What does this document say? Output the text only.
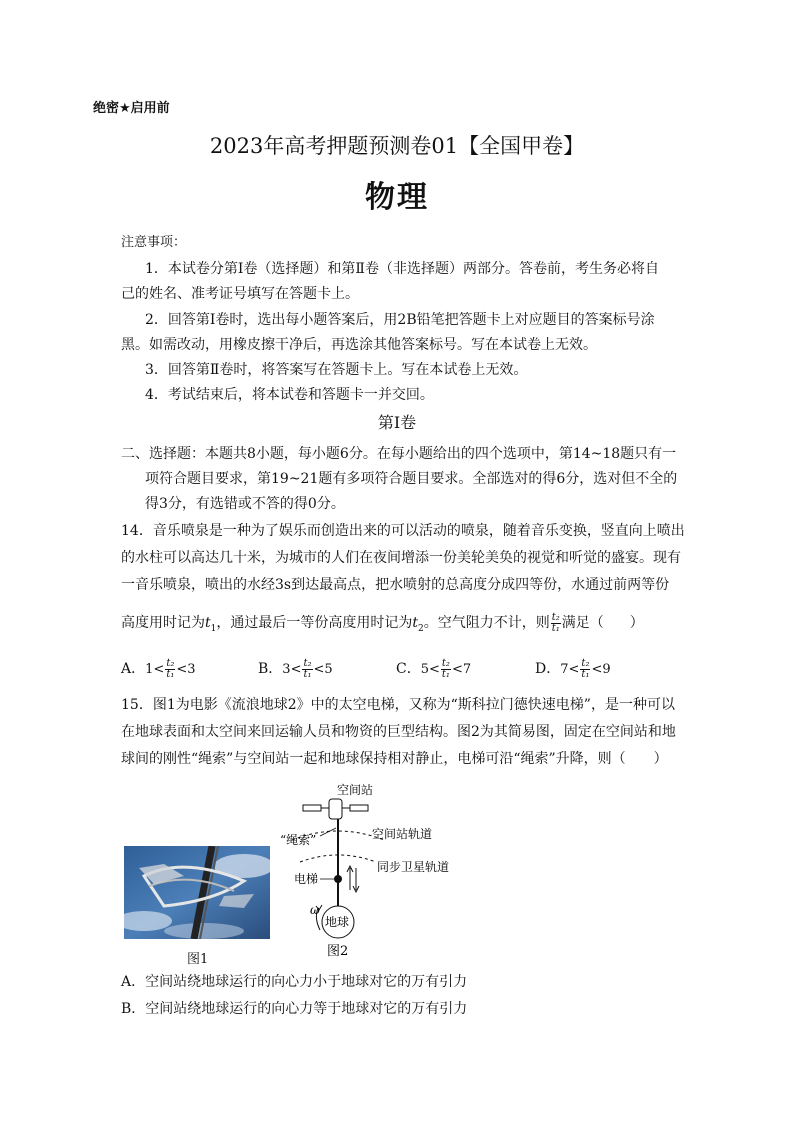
绝密★启用前
2023年高考押题预测卷01【全国甲卷】
物理
注意事项：
1．本试卷分第Ⅰ卷（选择题）和第Ⅱ卷（非选择题）两部分。答卷前，考生务必将自
己的姓名、准考证号填写在答题卡上。
2．回答第Ⅰ卷时，选出每小题答案后，用2B铅笔把答题卡上对应题目的答案标号涂
黑。如需改动，用橡皮擦干净后，再选涂其他答案标号。写在本试卷上无效。
3．回答第Ⅱ卷时，将答案写在答题卡上。写在本试卷上无效。
4．考试结束后，将本试卷和答题卡一并交回。
第Ⅰ卷
二、选择题：本题共8小题，每小题6分。在每小题给出的四个选项中，第14~18题只有一
项符合题目要求，第19~21题有多项符合题目要求。全部选对的得6分，选对但不全的
得3分，有选错或不答的得0分。
14．音乐喷泉是一种为了娱乐而创造出来的可以活动的喷泉，随着音乐变换，竖直向上喷出
的水柱可以高达几十米，为城市的人们在夜间增添一份美轮美奂的视觉和听觉的盛宴。现有
一音乐喷泉，喷出的水经3s到达最高点，把水喷射的总高度分成四等份，水通过前两等份
高度用时记为$t_1$，通过最后一等份高度用时记为$t_2$。空气阻力不计，则 $\frac{\text{t₂}}{\text{t₁}}$ 满足（ ）
A．$1< \frac{\text{t₂}}{\text{t₁}} <3$	B．$3< \frac{\text{t₂}}{\text{t₁}} <5$	C．$5< \frac{\text{t₂}}{\text{t₁}} <7$	D．$7< \frac{\text{t₂}}{\text{t₁}} <9$
15．图1为电影《流浪地球2》中的太空电梯，又称为“斯科拉门德快速电梯”，是一种可以
在地球表面和太空间来回运输人员和物资的巨型结构。图2为其简易图，固定在空间站和地
球间的刚性“绳索”与空间站一起和地球保持相对静止，电梯可沿“绳索”升降，则（　　）
图1
空间站
“绳索”	空间站轨道
同步卫星轨道
电梯
地球
ω
图2
A．空间站绕地球运行的向心力小于地球对它的万有引力
B．空间站绕地球运行的向心力等于地球对它的万有引力
